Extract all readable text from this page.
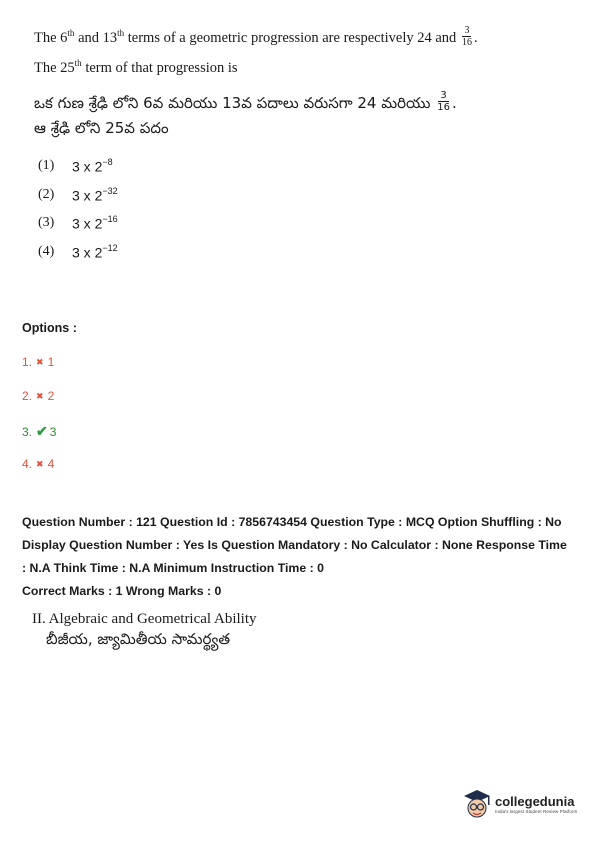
The 6th and 13th terms of a geometric progression are respectively 24 and $\frac{3}{16}$ .
The 25th term of that progression is
ఒక గుణ శ్రేఢి లోని 6వ మరియు 13వ పదాలు వరుసగా 24 మరియు $\frac{3}{16}$ .
ఆ శ్రేఢి లోని 25వ పదం
(1)	3 x $2^{-8}$
(2)	3 x $2^{-32}$
(3)	3 x $2^{-16}$
(4)	3 x $2^{-12}$
Options :
1. ✖ 1
2. ✖ 2
3. ✔ 3
4. ✖ 4
Question Number : 121 Question Id : 7856743454 Question Type : MCQ Option Shuffling : No
Display Question Number : Yes Is Question Mandatory : No Calculator : None Response Time
: N.A Think Time : N.A Minimum Instruction Time : 0
Correct Marks : 1 Wrong Marks : 0
II. Algebraic and Geometrical Ability
బీజీయ, జ్యామితీయ సామర్థ్యత
collegedunia
India's largest Student Review Platform
